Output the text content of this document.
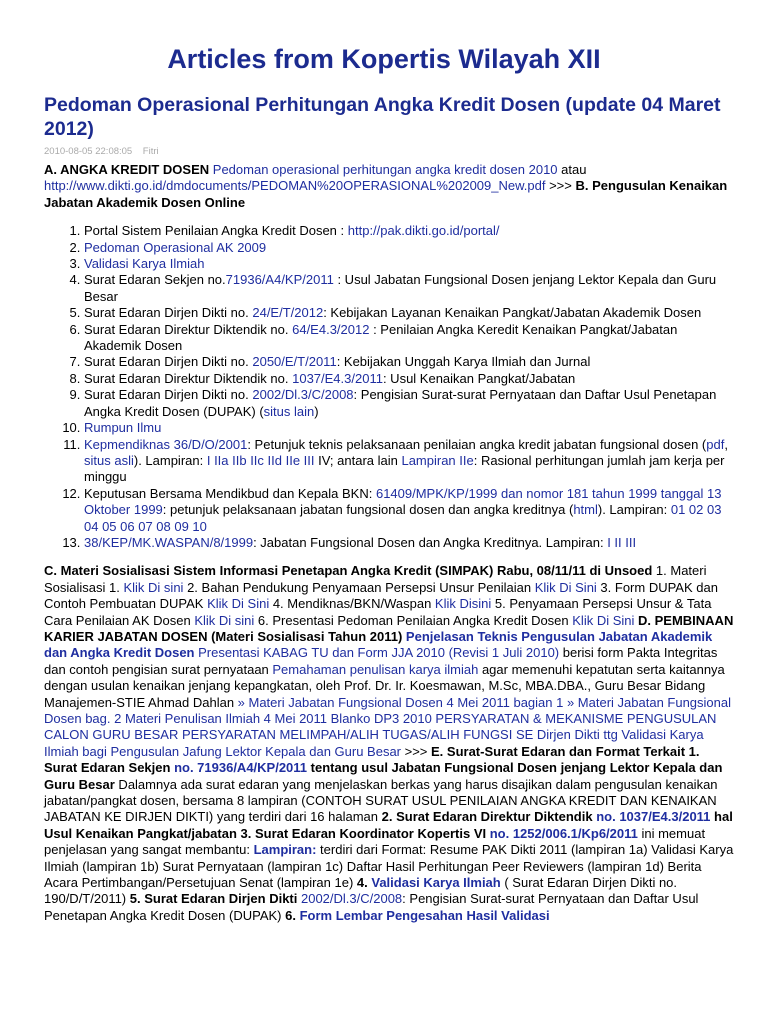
Articles from Kopertis Wilayah XII
Pedoman Operasional Perhitungan Angka Kredit Dosen (update 04 Maret 2012)
2010-08-05 22:08:05 Fitri

A. ANGKA KREDIT DOSEN Pedoman operasional perhitungan angka kredit dosen 2010 atau http://www.dikti.go.id/dmdocuments/PEDOMAN%20OPERASIONAL%202009_New.pdf >>> B. Pengusulan Kenaikan Jabatan Akademik Dosen Online

1. Portal Sistem Penilaian Angka Kredit Dosen : http://pak.dikti.go.id/portal/
2. Pedoman Operasional AK 2009
3. Validasi Karya Ilmiah
4. Surat Edaran Sekjen no.71936/A4/KP/2011 : Usul Jabatan Fungsional Dosen jenjang Lektor Kepala dan Guru Besar
5. Surat Edaran Dirjen Dikti no. 24/E/T/2012: Kebijakan Layanan Kenaikan Pangkat/Jabatan Akademik Dosen
6. Surat Edaran Direktur Diktendik no. 64/E4.3/2012 : Penilaian Angka Keredit Kenaikan Pangkat/Jabatan Akademik Dosen
7. Surat Edaran Dirjen Dikti no. 2050/E/T/2011: Kebijakan Unggah Karya Ilmiah dan Jurnal
8. Surat Edaran Direktur Diktendik no. 1037/E4.3/2011: Usul Kenaikan Pangkat/Jabatan
9. Surat Edaran Dirjen Dikti no. 2002/Dl.3/C/2008: Pengisian Surat-surat Pernyataan dan Daftar Usul Penetapan Angka Kredit Dosen (DUPAK) (situs lain)
10. Rumpun Ilmu
11. Kepmendiknas 36/D/O/2001: Petunjuk teknis pelaksanaan penilaian angka kredit jabatan fungsional dosen (pdf, situs asli). Lampiran: I IIa IIb IIc IId IIe III IV; antara lain Lampiran IIe: Rasional perhitungan jumlah jam kerja per minggu
12. Keputusan Bersama Mendikbud dan Kepala BKN: 61409/MPK/KP/1999 dan nomor 181 tahun 1999 tanggal 13 Oktober 1999: petunjuk pelaksanaan jabatan fungsional dosen dan angka kreditnya (html). Lampiran: 01 02 03 04 05 06 07 08 09 10
13. 38/KEP/MK.WASPAN/8/1999: Jabatan Fungsional Dosen dan Angka Kreditnya. Lampiran: I II III

C. Materi Sosialisasi Sistem Informasi Penetapan Angka Kredit (SIMPAK) Rabu, 08/11/11 di Unsoed 1. Materi Sosialisasi 1. Klik Di sini 2. Bahan Pendukung Penyamaan Persepsi Unsur Penilaian Klik Di Sini 3. Form DUPAK dan Contoh Pembuatan DUPAK Klik Di Sini 4. Mendiknas/BKN/Waspan Klik Disini 5. Penyamaan Persepsi Unsur & Tata Cara Penilaian AK Dosen Klik Di sini 6. Presentasi Pedoman Penilaian Angka Kredit Dosen Klik Di Sini D. PEMBINAAN KARIER JABATAN DOSEN (Materi Sosialisasi Tahun 2011) Penjelasan Teknis Pengusulan Jabatan Akademik dan Angka Kredit Dosen Presentasi KABAG TU dan Form JJA 2010 (Revisi 1 Juli 2010) berisi form Pakta Integritas dan contoh pengisian surat pernyataan Pemahaman penulisan karya ilmiah agar memenuhi kepatutan serta kaitannya dengan usulan kenaikan jenjang kepangkatan, oleh Prof. Dr. Ir. Koesmawan, M.Sc, MBA.DBA., Guru Besar Bidang Manajemen-STIE Ahmad Dahlan » Materi Jabatan Fungsional Dosen 4 Mei 2011 bagian 1 » Materi Jabatan Fungsional Dosen bag. 2 Materi Penulisan Ilmiah 4 Mei 2011 Blanko DP3 2010 PERSYARATAN & MEKANISME PENGUSULAN CALON GURU BESAR PERSYARATAN MELIMPAH/ALIH TUGAS/ALIH FUNGSI SE Dirjen Dikti ttg Validasi Karya Ilmiah bagi Pengusulan Jafung Lektor Kepala dan Guru Besar >>> E. Surat-Surat Edaran dan Format Terkait 1. Surat Edaran Sekjen no. 71936/A4/KP/2011 tentang usul Jabatan Fungsional Dosen jenjang Lektor Kepala dan Guru Besar Dalamnya ada surat edaran yang menjelaskan berkas yang harus disajikan dalam pengusulan kenaikan jabatan/pangkat dosen, bersama 8 lampiran (CONTOH SURAT USUL PENILAIAN ANGKA KREDIT DAN KENAIKAN JABATAN KE DIRJEN DIKTI) yang terdiri dari 16 halaman 2. Surat Edaran Direktur Diktendik no. 1037/E4.3/2011 hal Usul Kenaikan Pangkat/jabatan 3. Surat Edaran Koordinator Kopertis VI no. 1252/006.1/Kp6/2011 ini memuat penjelasan yang sangat membantu: Lampiran: terdiri dari Format: Resume PAK Dikti 2011 (lampiran 1a) Validasi Karya Ilmiah (lampiran 1b) Surat Pernyataan (lampiran 1c) Daftar Hasil Perhitungan Peer Reviewers (lampiran 1d) Berita Acara Pertimbangan/Persetujuan Senat (lampiran 1e) 4. Validasi Karya Ilmiah ( Surat Edaran Dirjen Dikti no. 190/D/T/2011) 5. Surat Edaran Dirjen Dikti 2002/Dl.3/C/2008: Pengisian Surat-surat Pernyataan dan Daftar Usul Penetapan Angka Kredit Dosen (DUPAK) 6. Form Lembar Pengesahan Hasil Validasi
